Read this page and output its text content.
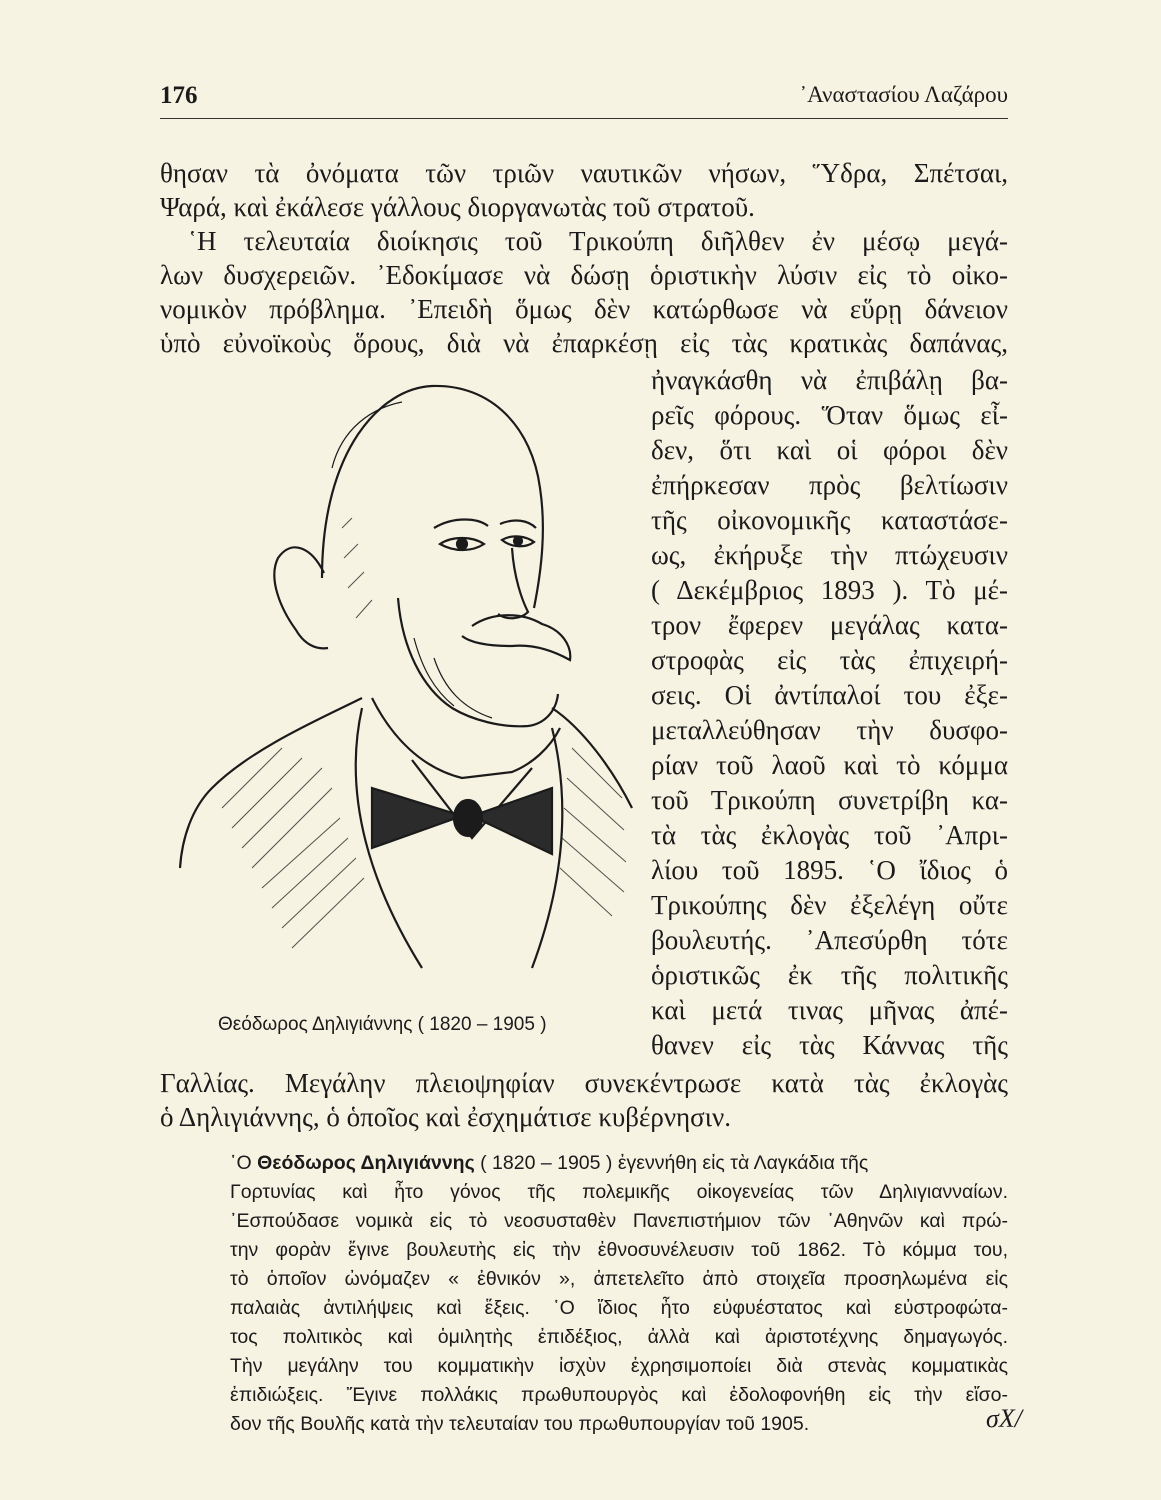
176	᾿Αναστασίου Λαζάρου
θησαν τὰ ὀνόματα τῶν τριῶν ναυτικῶν νήσων, Ὕδρα, Σπέτσαι,
Ψαρά, καὶ ἐκάλεσε γάλλους διοργανωτὰς τοῦ στρατοῦ.
῾Η τελευταία διοίκησις τοῦ Τρικούπη διῆλθεν ἐν μέσῳ μεγά-
λων δυσχερειῶν. ᾿Εδοκίμασε νὰ δώσῃ ὁριστικὴν λύσιν εἰς τὸ οἰκο-
νομικὸν πρόβλημα. ᾿Επειδὴ ὅμως δὲν κατώρθωσε νὰ εὕρῃ δάνειον
ὑπὸ εὐνοϊκοὺς ὅρους, διὰ νὰ ἐπαρκέσῃ εἰς τὰς κρατικὰς δαπάνας,
ἠναγκάσθη νὰ ἐπιβάλῃ βα-
ρεῖς φόρους. Ὅταν ὅμως εἶ-
δεν, ὅτι καὶ οἱ φόροι δὲν
ἐπήρκεσαν πρὸς βελτίωσιν
τῆς οἰκονομικῆς καταστάσε-
ως, ἐκήρυξε τὴν πτώχευσιν
( Δεκέμβριος 1893 ). Τὸ μέ-
τρον ἔφερεν μεγάλας κατα-
στροφὰς εἰς τὰς ἐπιχειρή-
σεις. Οἱ ἀντίπαλοί του ἐξε-
μεταλλεύθησαν τὴν δυσφο-
ρίαν τοῦ λαοῦ καὶ τὸ κόμμα
τοῦ Τρικούπη συνετρίβη κα-
τὰ τὰς ἐκλογὰς τοῦ ᾿Απρι-
λίου τοῦ 1895. ῾Ο ἴδιος ὁ
Τρικούπης δὲν ἐξελέγη οὔτε
βουλευτής. ᾿Απεσύρθη τότε
ὁριστικῶς ἐκ τῆς πολιτικῆς
καὶ μετά τινας μῆνας ἀπέ-
θανεν εἰς τὰς Κάννας τῆς
Θεόδωρος Δηλιγιάννης ( 1820 – 1905 )
Γαλλίας. Μεγάλην πλειοψηφίαν συνεκέντρωσε κατὰ τὰς ἐκλογὰς
ὁ Δηλιγιάννης, ὁ ὁποῖος καὶ ἐσχημάτισε κυβέρνησιν.
῾Ο Θεόδωρος Δηλιγιάννης ( 1820 – 1905 ) ἐγεννήθη εἰς τὰ Λαγκάδια τῆς
Γορτυνίας καὶ ἦτο γόνος τῆς πολεμικῆς οἰκογενείας τῶν Δηλιγιανναίων.
᾿Εσπούδασε νομικὰ εἰς τὸ νεοσυσταθὲν Πανεπιστήμιον τῶν ᾿Αθηνῶν καὶ πρώ-
την φορὰν ἔγινε βουλευτὴς εἰς τὴν ἐθνοσυνέλευσιν τοῦ 1862. Τὸ κόμμα του,
τὸ ὁποῖον ὠνόμαζεν « ἐθνικόν », ἀπετελεῖτο ἀπὸ στοιχεῖα προσηλωμένα εἰς
παλαιὰς ἀντιλήψεις καὶ ἕξεις. ῾Ο ἴδιος ἦτο εὐφυέστατος καὶ εὐστροφώτα-
τος πολιτικὸς καὶ ὁμιλητὴς ἐπιδέξιος, ἀλλὰ καὶ ἀριστοτέχνης δημαγωγός.
Τὴν μεγάλην του κομματικὴν ἰσχὺν ἐχρησιμοποίει διὰ στενὰς κομματικὰς
ἐπιδιώξεις. Ἔγινε πολλάκις πρωθυπουργὸς καὶ ἐδολοφονήθη εἰς τὴν εἴσο-
δον τῆς Βουλῆς κατὰ τὴν τελευταίαν του πρωθυπουργίαν τοῦ 1905.	σΧ/
